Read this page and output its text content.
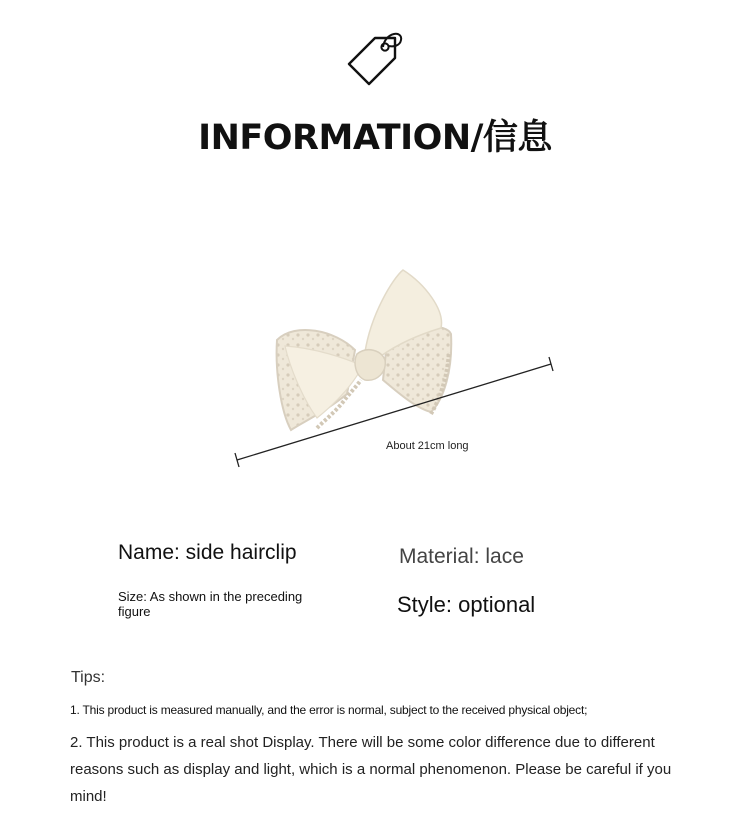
INFORMATION/信息
About 21cm long
Name: side hairclip	Material: lace
Size: As shown in the preceding figure	Style: optional
Tips:
1. This product is measured manually, and the error is normal, subject to the received physical object;
2. This product is a real shot Display. There will be some color difference due to different reasons such as display and light, which is a normal phenomenon. Please be careful if you mind!
